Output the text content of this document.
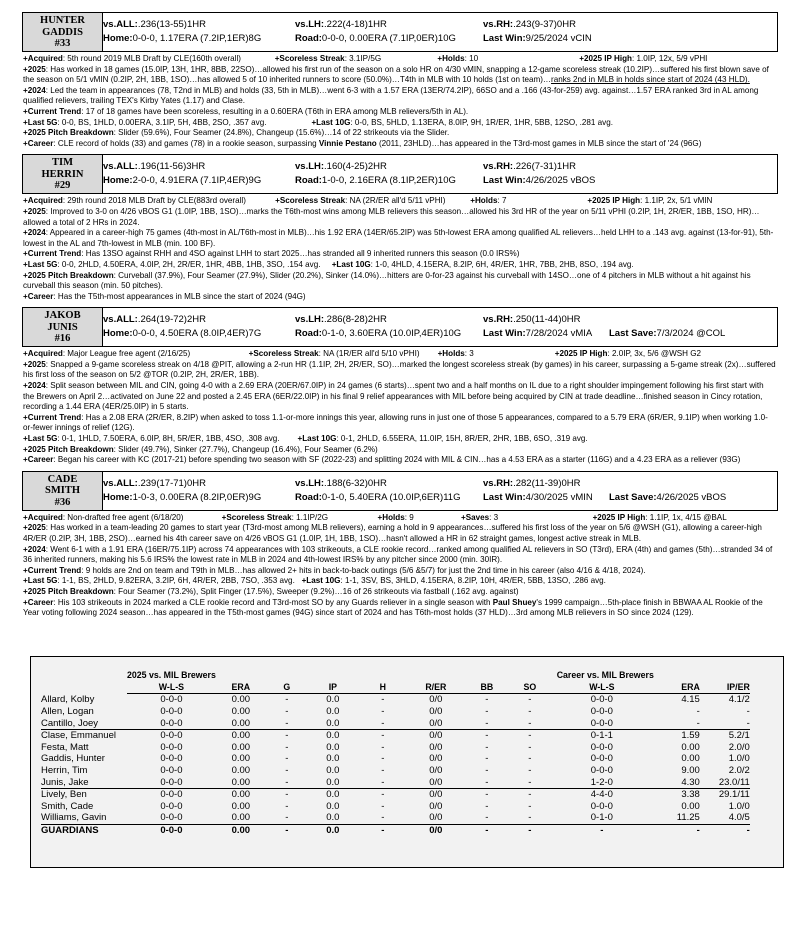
HUNTER
GADDIS
#33
vs.ALL:.236(13-55)1HR	vs.LH:.222(4-18)1HR	vs.RH:.243(9-37)0HR
Home:0-0-0, 1.17ERA (7.2IP,1ER)8G	Road:0-0-0, 0.00ERA (7.1IP,0ER)10G	Last Win:9/25/2024 vCIN
+Acquired: 5th round 2019 MLB Draft by CLE(160th overall)               +Scoreless Streak: 3.1IP/5G                         +Holds: 10                                             +2025 IP High: 1.0IP, 12x, 5/9 vPHI
+2025: Has worked in 18 games (15.0IP, 13H, 1HR, 8BB, 22SO)…allowed his first run of the season on a solo HR on 4/30 vMIN, snapping a 12-game scoreless streak (10.2IP)…suffered his first blown save of the season on 5/1 vMIN (0.2IP, 2H, 1BB, 1SO)…has allowed 5 of 10 inherited runners to score (50.0%)…T4th in MLB with 10 holds (1st on team)…ranks 2nd in MLB in holds since start of 2024 (43 HLD).
+2024: Led the team in appearances (78, T2nd in MLB) and holds (33, 5th in MLB)…went 6-3 with a 1.57 ERA (13ER/74.2IP), 66SO and a .166 (43-for-259) avg. against…1.57 ERA ranked 3rd in AL among qualified relievers, trailing TEX's Kirby Yates (1.17) and Clase.
+Current Trend: 17 of 18 games have been scoreless, resulting in a 0.60ERA (T6th in ERA among MLB relievers/5th in AL).
+Last 5G: 0-0, BS, 1HLD, 0.00ERA, 3.1IP, 5H, 4BB, 2SO, .357 avg.                    +Last 10G: 0-0, BS, 5HLD, 1.13ERA, 8.0IP, 9H, 1R/ER, 1HR, 5BB, 12SO, .281 avg.
+2025 Pitch Breakdown: Slider (59.6%), Four Seamer (24.8%), Changeup (15.6%)…14 of 22 strikeouts via the Slider.
+Career: CLE record of holds (33) and games (78) in a rookie season, surpassing Vinnie Pestano (2011, 23HLD)…has appeared in the T3rd-most games in MLB since the start of '24 (96G)
TIM
HERRIN
#29
vs.ALL:.196(11-56)3HR	vs.LH:.160(4-25)2HR	vs.RH:.226(7-31)1HR
Home:2-0-0, 4.91ERA (7.1IP,4ER)9G	Road:1-0-0, 2.16ERA (8.1IP,2ER)10G	Last Win:4/26/2025 vBOS
+Acquired: 29th round 2018 MLB Draft by CLE(883rd overall)             +Scoreless Streak: NA (2R/ER all'd 5/11 vPHI)           +Holds: 7                                    +2025 IP High: 1.1IP, 2x, 5/1 vMIN
+2025: Improved to 3-0 on 4/26 vBOS G1 (1.0IP, 1BB, 1SO)…marks the T6th-most wins among MLB relievers this season…allowed his 3rd HR of the year on 5/11 vPHI (0.2IP, 1H, 2R/ER, 1BB, 1SO, HR)…allowed a total of 2 HRs in 2024.
+2024: Appeared in a career-high 75 games (4th-most in AL/T6th-most in MLB)…his 1.92 ERA (14ER/65.2IP) was 5th-lowest ERA among qualified AL relievers…held LHH to a .143 avg. against (13-for-91), 5th-lowest in the AL and 7th-lowest in MLB (min. 100 BF).
+Current Trend: Has 13SO against RHH and 4SO against LHH to start 2025…has stranded all 9 inherited runners this season (0.0 IRS%)
+Last 5G: 0-0, 2HLD, 4.50ERA, 4.0IP, 2H, 2R/ER, 1HR, 4BB, 1HB, 3SO, .154 avg.     +Last 10G: 1-0, 4HLD, 4.15ERA, 8.2IP, 6H, 4R/ER, 1HR, 7BB, 2HB, 8SO, .194 avg.
+2025 Pitch Breakdown: Curveball (37.9%), Four Seamer (27.9%), Slider (20.2%), Sinker (14.0%)…hitters are 0-for-23 against his curveball with 14SO…one of 4 pitchers in MLB without a hit against his curveball this season (min. 50 pitches).
+Career: Has the T5th-most appearances in MLB since the start of 2024 (94G)
JAKOB
JUNIS
#16
vs.ALL:.264(19-72)2HR	vs.LH:.286(8-28)2HR	vs.RH:.250(11-44)0HR
Home:0-0-0, 4.50ERA (8.0IP,4ER)7G	Road:0-1-0, 3.60ERA (10.0IP,4ER)10G Last Win:7/28/2024 vMIA Last Save:7/3/2024 @COL
+Acquired: Major League free agent (2/16/25)                          +Scoreless Streak: NA (1R/ER all'd 5/10 vPHI)        +Holds: 3                                    +2025 IP High: 2.0IP, 3x, 5/6 @WSH G2
+2025: Snapped a 9-game scoreless streak on 4/18 @PIT, allowing a 2-run HR (1.1IP, 2H, 2R/ER, SO)…marked the longest scoreless streak (by games) in his career, surpassing a 5-game streak (2x)…suffered his first loss of the season on 5/2 @TOR (0.2IP, 2H, 2R/ER, 1BB).
+2024: Split season between MIL and CIN, going 4-0 with a 2.69 ERA (20ER/67.0IP) in 24 games (6 starts)…spent two and a half months on IL due to a right shoulder impingement following his first start with the Brewers on April 2…activated on June 22 and posted a 2.45 ERA (6ER/22.0IP) in his final 9 relief appearances with MIL before being acquired by CIN at trade deadline…finished season in Cincy rotation, recording a 1.44 ERA (4ER/25.0IP) in 5 starts.
+Current Trend: Has a 2.08 ERA (2R/ER, 8.2IP) when asked to toss 1.1-or-more innings this year, allowing runs in just one of those 5 appearances, compared to a 5.79 ERA (6R/ER, 9.1IP) when working 1.0-or-fewer innings of relief (12G).
+Last 5G: 0-1, 1HLD, 7.50ERA, 6.0IP, 8H, 5R/ER, 1BB, 4SO, .308 avg.        +Last 10G: 0-1, 2HLD, 6.55ERA, 11.0IP, 15H, 8R/ER, 2HR, 1BB, 6SO, .319 avg.
+2025 Pitch Breakdown: Slider (49.7%), Sinker (27.7%), Changeup (16.4%), Four Seamer (6.2%)
+Career: Began his career with KC (2017-21) before spending two season with SF (2022-23) and splitting 2024 with MIL & CIN…has a 4.53 ERA as a starter (116G) and a 4.23 ERA as a reliever (93G)
CADE
SMITH
#36
vs.ALL:.239(17-71)0HR	vs.LH:.188(6-32)0HR	vs.RH:.282(11-39)0HR
Home:1-0-3, 0.00ERA (8.2IP,0ER)9G	Road:0-1-0, 5.40ERA (10.0IP,6ER)11G Last Win:4/30/2025 vMIN Last Save:4/26/2025 vBOS
+Acquired: Non-drafted free agent (6/18/20)                 +Scoreless Streak: 1.1IP/2G                      +Holds: 9                     +Saves: 3                                          +2025 IP High: 1.1IP, 1x, 4/15 @BAL
+2025: Has worked in a team-leading 20 games to start year (T3rd-most among MLB relievers), earning a hold in 9 appearances…suffered his first loss of the year on 5/6 @WSH (G1), allowing a career-high 4R/ER (0.2IP, 3H, 1BB, 2SO)…earned his 4th career save on 4/26 vBOS G1 (1.0IP, 1H, 1BB, 1SO)…hasn't allowed a HR in 62 straight games, longest active streak in MLB.
+2024: Went 6-1 with a 1.91 ERA (16ER/75.1IP) across 74 appearances with 103 strikeouts, a CLE rookie record…ranked among qualified AL relievers in SO (T3rd), ERA (4th) and games (5th)…stranded 34 of 36 inherited runners, making his 5.6 IRS% the lowest rate in MLB in 2024 and 4th-lowest IRS% by any pitcher since 2000 (min. 30IR).
+Current Trend: 9 holds are 2nd on team and T9th in MLB…has allowed 2+ hits in back-to-back outings (5/6 &5/7) for just the 2nd time in his career (also 4/16 & 4/18, 2024).
+Last 5G: 1-1, BS, 2HLD, 9.82ERA, 3.2IP, 6H, 4R/ER, 2BB, 7SO, .353 avg.   +Last 10G: 1-1, 3SV, BS, 3HLD, 4.15ERA, 8.2IP, 10H, 4R/ER, 5BB, 13SO, .286 avg.
+2025 Pitch Breakdown: Four Seamer (73.2%), Split Finger (17.5%), Sweeper (9.2%)…16 of 26 strikeouts via fastball (.162 avg. against)
+Career: His 103 strikeouts in 2024 marked a CLE rookie record and T3rd-most SO by any Guards reliever in a single season with Paul Shuey's 1999 campaign…5th-place finish in BBWAA AL Rookie of the Year voting following 2024 season…has appeared in the T5th-most games (94G) since start of 2024 and has T6th-most holds (37 HLD)…3rd among MLB relievers in SO since 2024 (129).
	2025 vs. MIL Brewers								Career vs. MIL Brewers		
	W-L-S	ERA	G	IP	H	R/ER	BB	SO	W-L-S	ERA	IP/ER
Allard, Kolby	0-0-0	0.00	-	0.0	-	0/0	-	-	0-0-0	4.15	4.1/2
Allen, Logan	0-0-0	0.00	-	0.0	-	0/0	-	-	0-0-0	-	-
Cantillo, Joey	0-0-0	0.00	-	0.0	-	0/0	-	-	0-0-0	-	-
Clase, Emmanuel	0-0-0	0.00	-	0.0	-	0/0	-	-	0-1-1	1.59	5.2/1
Festa, Matt	0-0-0	0.00	-	0.0	-	0/0	-	-	0-0-0	0.00	2.0/0
Gaddis, Hunter	0-0-0	0.00	-	0.0	-	0/0	-	-	0-0-0	0.00	1.0/0
Herrin, Tim	0-0-0	0.00	-	0.0	-	0/0	-	-	0-0-0	9.00	2.0/2
Junis, Jake	0-0-0	0.00	-	0.0	-	0/0	-	-	1-2-0	4.30	23.0/11
Lively, Ben	0-0-0	0.00	-	0.0	-	0/0	-	-	4-4-0	3.38	29.1/11
Smith, Cade	0-0-0	0.00	-	0.0	-	0/0	-	-	0-0-0	0.00	1.0/0
Williams, Gavin	0-0-0	0.00	-	0.0	-	0/0	-	-	0-1-0	11.25	4.0/5
GUARDIANS	0-0-0	0.00	-	0.0	-	0/0	-	-	-	-	-
